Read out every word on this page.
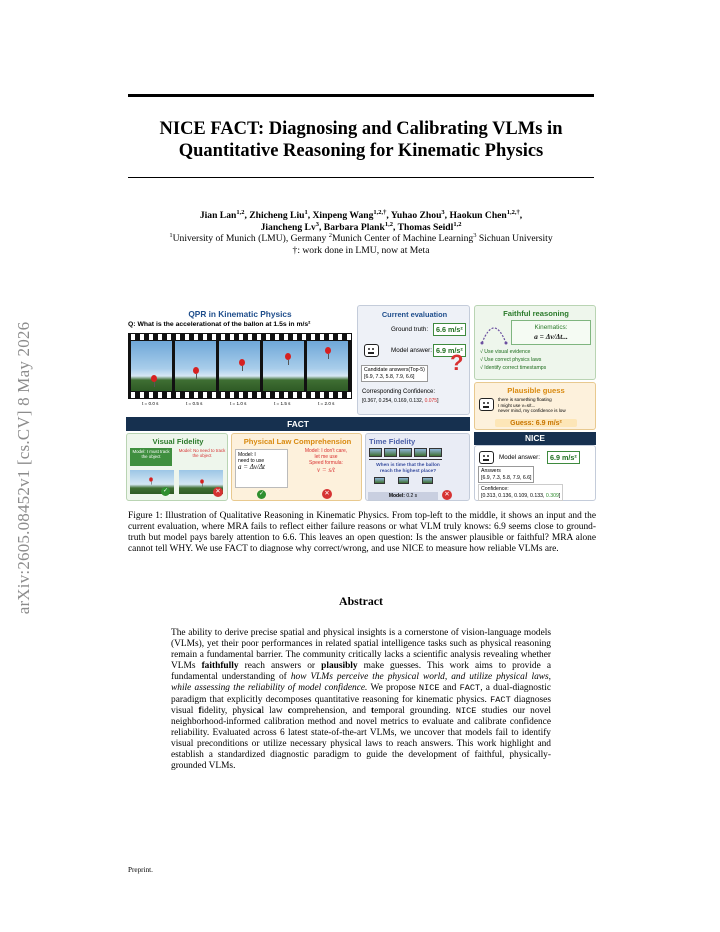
arXiv:2605.08452v1 [cs.CV] 8 May 2026
NICE FACT: Diagnosing and Calibrating VLMs in
Quantitative Reasoning for Kinematic Physics
Jian Lan$^{1,2}$, Zhicheng Liu$^1$, Xinpeng Wang$^{1,2,\dagger}$, Yuhao Zhou$^3$, Haokun Chen$^{1,2,\dagger}$,
Jiancheng Lv$^3$, Barbara Plank$^{1,2}$, Thomas Seidl$^{1,2}$
$^1$University of Munich (LMU), Germany $^2$Munich Center of Machine Learning$^3$ Sichuan University
†: work done in LMU, now at Meta
QPR in Kinematic Physics
Q: What is the accelerationat of the ballon at 1.5s in m/s²
t = 0.0 s	t = 0.5 s	t = 1.0 s	t = 1.5 s	t = 2.0 s
Current evaluation
Ground truth:	6.6 m/s²
Model answer: 6.9 m/s²
?
Candidate answers(Top-5)
[6.9, 7.3, 5.8, 7.9, 6.6]
Corresponding Confidence:
[0.367, 0.254, 0.169, 0.132, 0.075]
Faithful reasoning
Kinematics:
a = Δv/Δt...
√ Use visual evidence
√ Use correct physics laws
√ Identify correct timestamps
Plausible guess
there is something floating
I might use v=s/t...
never mind, my confidence is low
Guess: 6.9 m/s²
FACT
NICE
Visual Fidelity
Model: I must track the object
Model: No need to track the object
✓	✕
Physical Law Comprehension
Model: I
need to use
a = Δv/Δt
✓
Model: I don't care,
let me use
Speed formula:
v = s/t
✕
Time Fidelity
When is time that the ballon
reach the highest place?
Model: 0.2 s	✕
Model answer:	6.9 m/s²
Answers
[6.9, 7.3, 5.8, 7.9, 6.6]
Confidence:
[0.313, 0.136, 0.109, 0.133, 0.309]
Figure 1: Illustration of Qualitative Reasoning in Kinematic Physics. From top-left to the middle, it shows an input and the current evaluation, where MRA fails to reflect either failure reasons or what VLM truly knows: 6.9 seems close to ground-truth but model pays barely attention to 6.6. This leaves an open question: Is the answer plausible or faithful? MRA alone cannot tell WHY. We use FACT to diagnose why correct/wrong, and use NICE to measure how reliable VLMs are.
Abstract
The ability to derive precise spatial and physical insights is a cornerstone of vision-language models (VLMs), yet their poor performances in related spatial intelligence tasks such as physical reasoning remain a fundamental barrier. The community critically lacks a scientific analysis revealing whether VLMs faithfully reach answers or plausibly make guesses. This work aims to provide a fundamental understanding of how VLMs perceive the physical world, and utilize physical laws, while assessing the reliability of model confidence. We propose NICE and FACT, a dual-diagnostic paradigm that explicitly decomposes quantitative reasoning for kinematic physics. FACT diagnoses visual fidelity, physical law comprehension, and temporal grounding. NICE studies our novel neighborhood-informed calibration method and novel metrics to evaluate and calibrate confidence reliability. Evaluated across 6 latest state-of-the-art VLMs, we uncover that models fail to identify visual preconditions or utilize necessary physical laws to reach answers. This work highlight and establish a standardized diagnostic paradigm to guide the development of faithful, physically-grounded VLMs.
Preprint.
